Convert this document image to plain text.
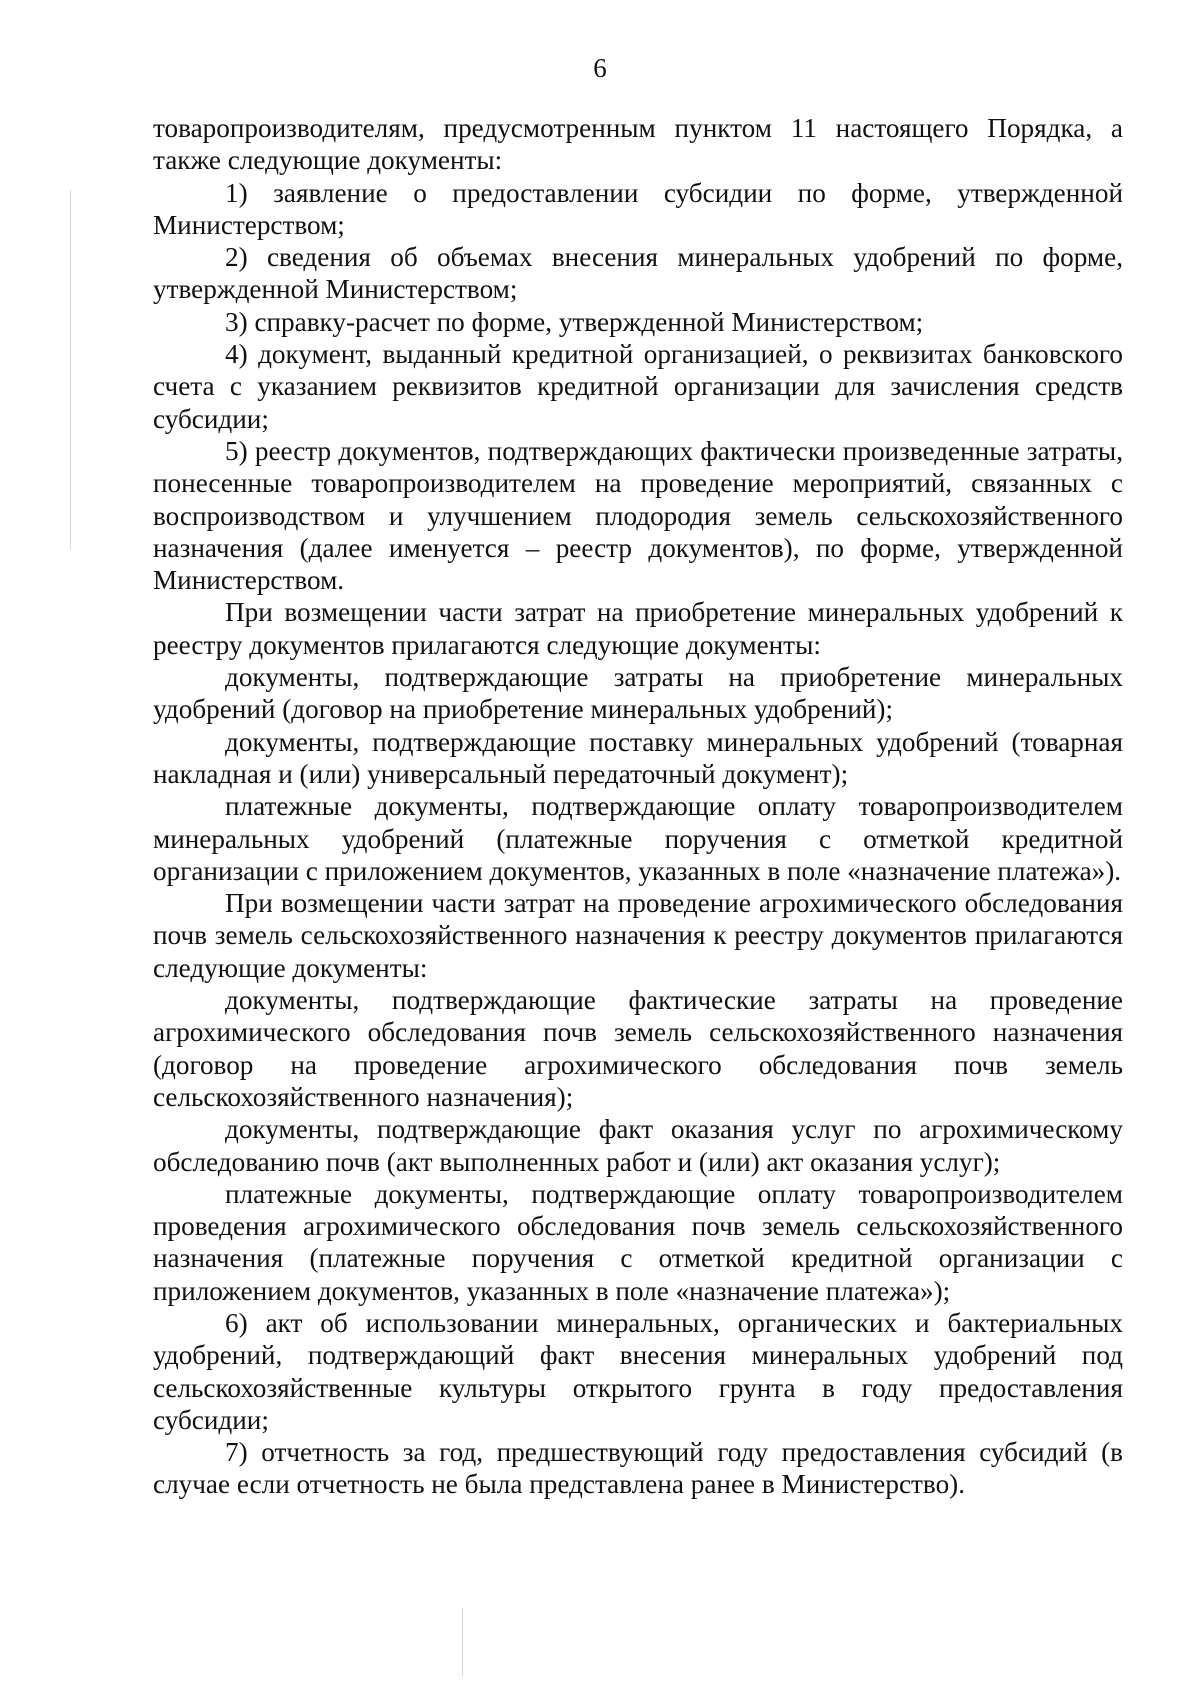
6

товаропроизводителям, предусмотренным пунктом 11 настоящего Порядка, а также следующие документы:

1) заявление о предоставлении субсидии по форме, утвержденной Министерством;

2) сведения об объемах внесения минеральных удобрений по форме, утвержденной Министерством;

3) справку-расчет по форме, утвержденной Министерством;

4) документ, выданный кредитной организацией, о реквизитах банковского счета с указанием реквизитов кредитной организации для зачисления средств субсидии;

5) реестр документов, подтверждающих фактически произведенные затраты, понесенные товаропроизводителем на проведение мероприятий, связанных с воспроизводством и улучшением плодородия земель сельскохозяйственного назначения (далее именуется – реестр документов), по форме, утвержденной Министерством.

При возмещении части затрат на приобретение минеральных удобрений к реестру документов прилагаются следующие документы:

документы, подтверждающие затраты на приобретение минеральных удобрений (договор на приобретение минеральных удобрений);

документы, подтверждающие поставку минеральных удобрений (товарная накладная и (или) универсальный передаточный документ);

платежные документы, подтверждающие оплату товаропроизводителем минеральных удобрений (платежные поручения с отметкой кредитной организации с приложением документов, указанных в поле «назначение платежа»).

При возмещении части затрат на проведение агрохимического обследования почв земель сельскохозяйственного назначения к реестру документов прилагаются следующие документы:

документы, подтверждающие фактические затраты на проведение агрохимического обследования почв земель сельскохозяйственного назначения (договор на проведение агрохимического обследования почв земель сельскохозяйственного назначения);

документы, подтверждающие факт оказания услуг по агрохимическому обследованию почв (акт выполненных работ и (или) акт оказания услуг);

платежные документы, подтверждающие оплату товаропроизводителем проведения агрохимического обследования почв земель сельскохозяйственного назначения (платежные поручения с отметкой кредитной организации с приложением документов, указанных в поле «назначение платежа»);

6) акт об использовании минеральных, органических и бактериальных удобрений, подтверждающий факт внесения минеральных удобрений под сельскохозяйственные культуры открытого грунта в году предоставления субсидии;

7) отчетность за год, предшествующий году предоставления субсидий (в случае если отчетность не была представлена ранее в Министерство).
